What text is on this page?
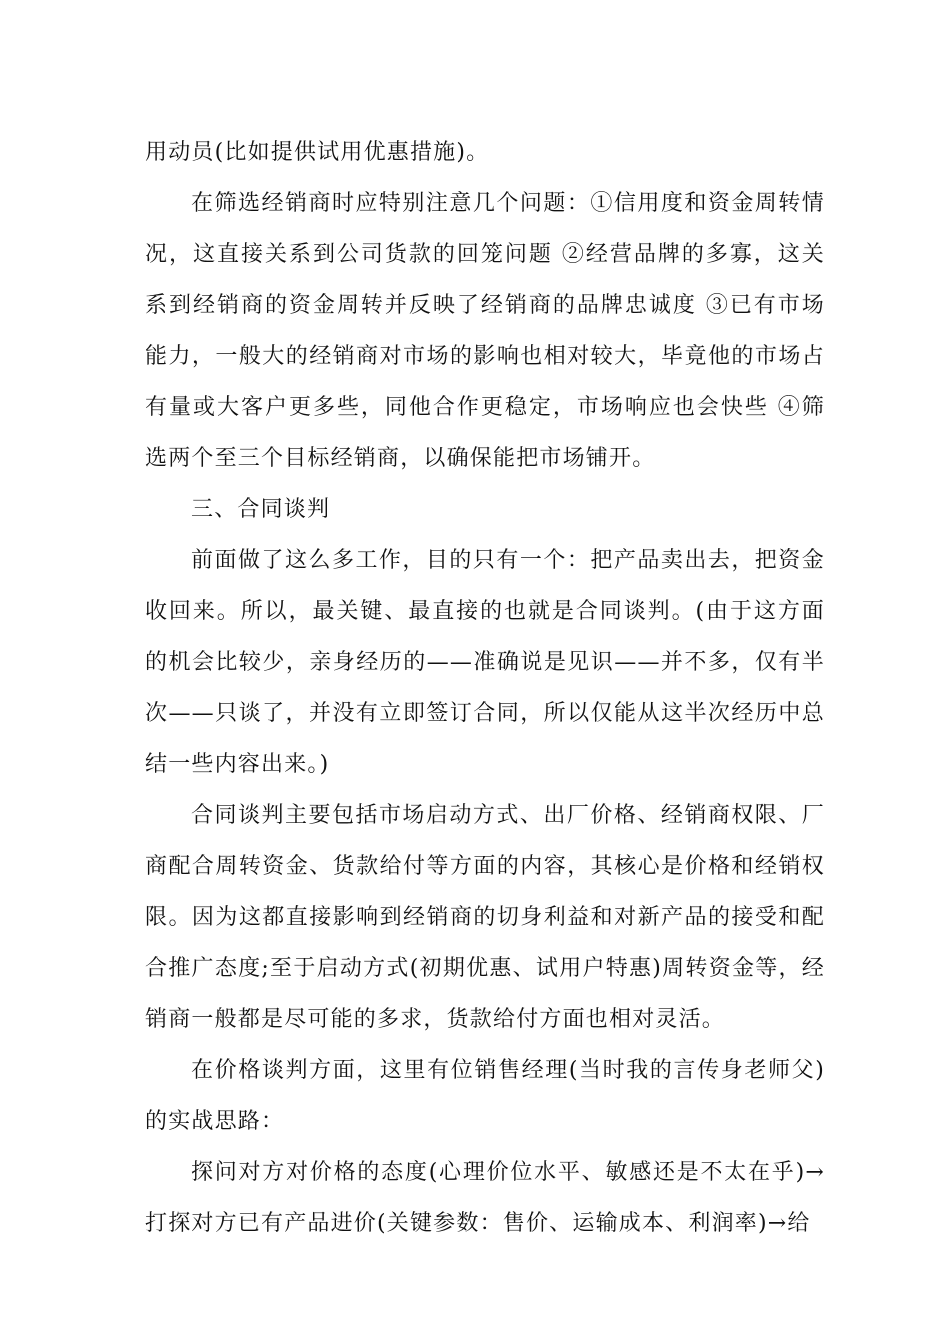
用动员(比如提供试用优惠措施)。

在筛选经销商时应特别注意几个问题：①信用度和资金周转情况，这直接关系到公司货款的回笼问题 ②经营品牌的多寡，这关系到经销商的资金周转并反映了经销商的品牌忠诚度 ③已有市场能力，一般大的经销商对市场的影响也相对较大，毕竟他的市场占有量或大客户更多些，同他合作更稳定，市场响应也会快些 ④筛选两个至三个目标经销商，以确保能把市场铺开。

三、合同谈判

前面做了这么多工作，目的只有一个：把产品卖出去，把资金收回来。所以，最关键、最直接的也就是合同谈判。(由于这方面的机会比较少，亲身经历的——准确说是见识——并不多，仅有半次——只谈了，并没有立即签订合同，所以仅能从这半次经历中总结一些内容出来。)

合同谈判主要包括市场启动方式、出厂价格、经销商权限、厂商配合周转资金、货款给付等方面的内容，其核心是价格和经销权限。因为这都直接影响到经销商的切身利益和对新产品的接受和配合推广态度;至于启动方式(初期优惠、试用户特惠)周转资金等，经销商一般都是尽可能的多求，货款给付方面也相对灵活。

在价格谈判方面，这里有位销售经理(当时我的言传身老师父)的实战思路：

探问对方对价格的态度(心理价位水平、敏感还是不太在乎)→打探对方已有产品进价(关键参数：售价、运输成本、利润率)→给
